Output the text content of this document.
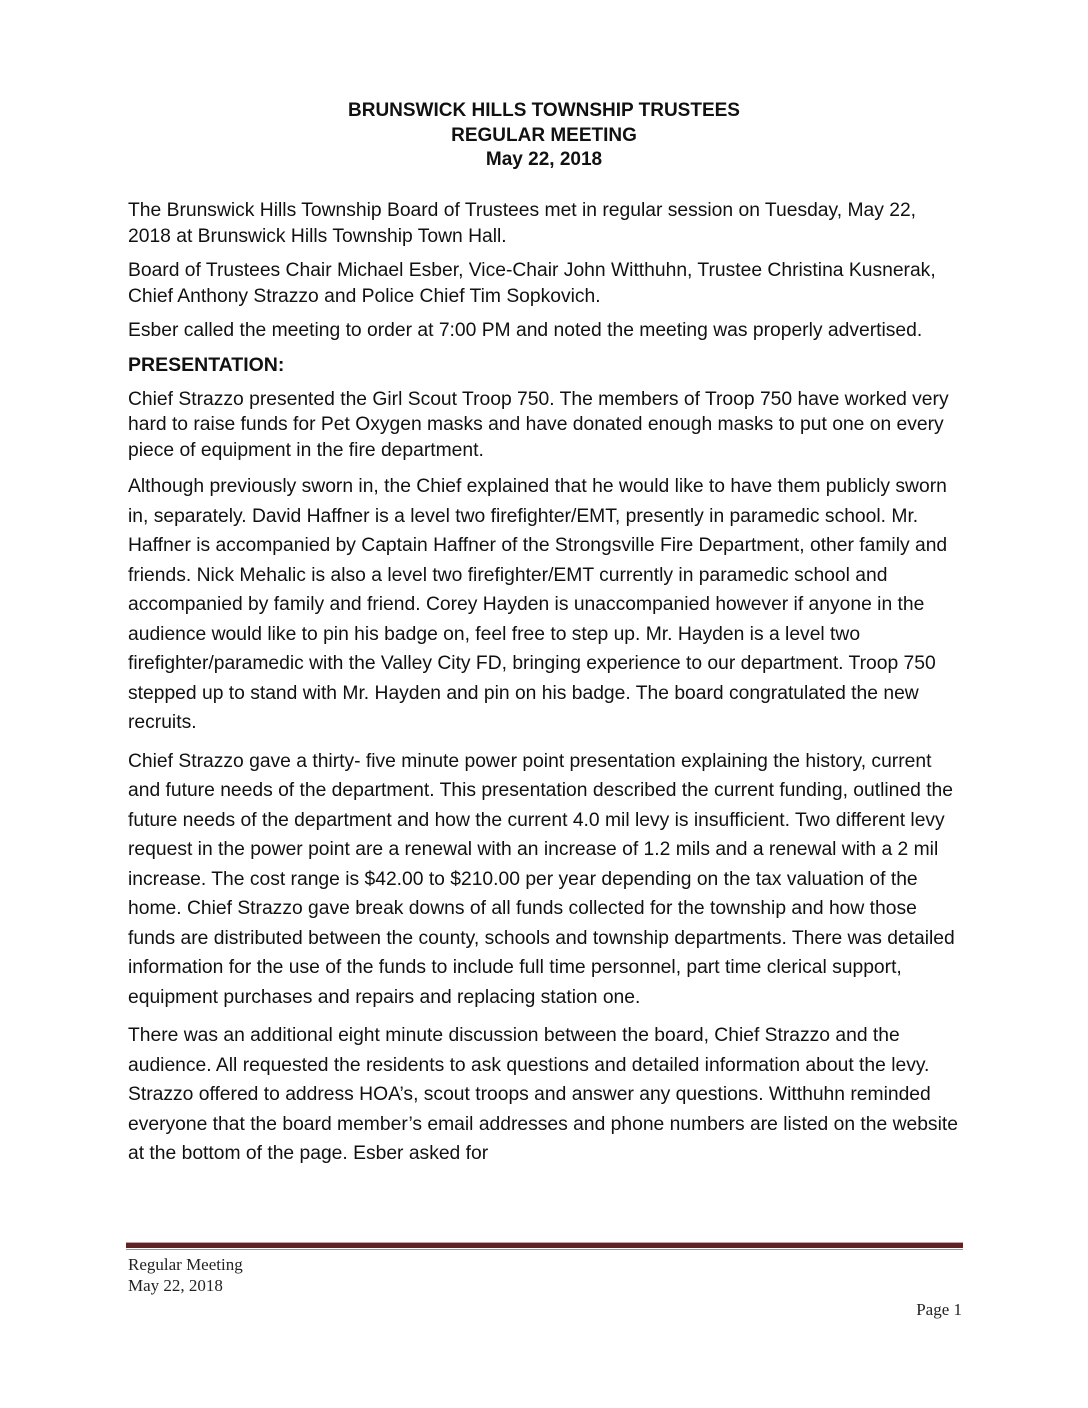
BRUNSWICK HILLS TOWNSHIP TRUSTEES
REGULAR MEETING
May 22, 2018

The Brunswick Hills Township Board of Trustees met in regular session on Tuesday, May 22, 2018 at Brunswick Hills Township Town Hall.

Board of Trustees Chair Michael Esber, Vice-Chair John Witthuhn, Trustee Christina Kusnerak, Chief Anthony Strazzo and Police Chief Tim Sopkovich.

Esber called the meeting to order at 7:00 PM and noted the meeting was properly advertised.

PRESENTATION:

Chief Strazzo presented the Girl Scout Troop 750. The members of Troop 750 have worked very hard to raise funds for Pet Oxygen masks and have donated enough masks to put one on every piece of equipment in the fire department.

Although previously sworn in, the Chief explained that he would like to have them publicly sworn in, separately. David Haffner is a level two firefighter/EMT, presently in paramedic school. Mr. Haffner is accompanied by Captain Haffner of the Strongsville Fire Department, other family and friends. Nick Mehalic is also a level two firefighter/EMT currently in paramedic school and accompanied by family and friend. Corey Hayden is unaccompanied however if anyone in the audience would like to pin his badge on, feel free to step up. Mr. Hayden is a level two firefighter/paramedic with the Valley City FD, bringing experience to our department. Troop 750 stepped up to stand with Mr. Hayden and pin on his badge. The board congratulated the new recruits.

Chief Strazzo gave a thirty- five minute power point presentation explaining the history, current and future needs of the department. This presentation described the current funding, outlined the future needs of the department and how the current 4.0 mil levy is insufficient. Two different levy request in the power point are a renewal with an increase of 1.2 mils and a renewal with a 2 mil increase. The cost range is $42.00 to $210.00 per year depending on the tax valuation of the home. Chief Strazzo gave break downs of all funds collected for the township and how those funds are distributed between the county, schools and township departments. There was detailed information for the use of the funds to include full time personnel, part time clerical support, equipment purchases and repairs and replacing station one.

There was an additional eight minute discussion between the board, Chief Strazzo and the audience. All requested the residents to ask questions and detailed information about the levy. Strazzo offered to address HOA’s, scout troops and answer any questions. Witthuhn reminded everyone that the board member’s email addresses and phone numbers are listed on the website at the bottom of the page. Esber asked for

Regular Meeting
May 22, 2018
Page 1
